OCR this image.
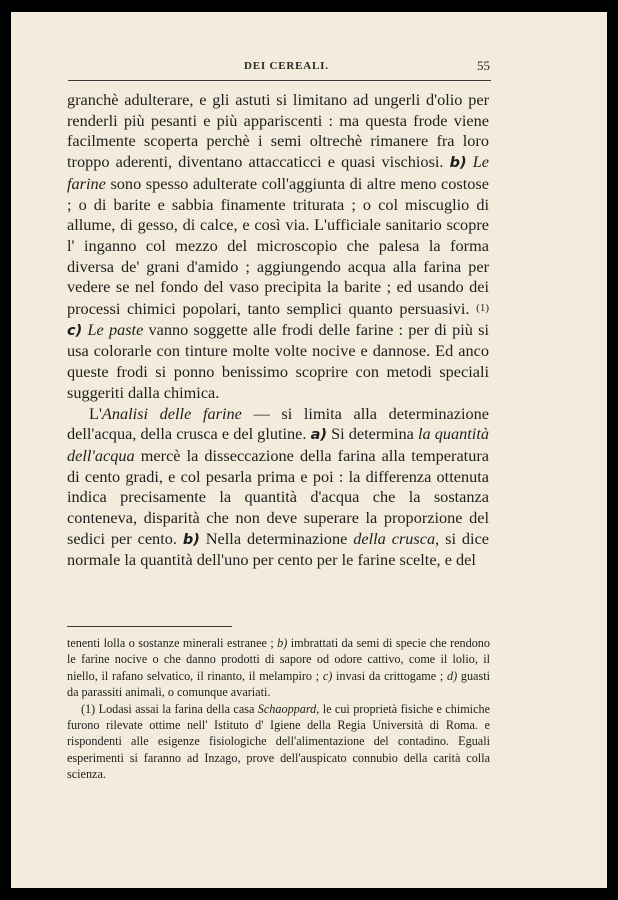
DEI CEREALI.	55

granchè adulterare, e gli astuti si limitano ad ungerli d'olio per renderli più pesanti e più appariscenti : ma questa frode viene facilmente scoperta perchè i semi oltrechè rimanere fra loro troppo aderenti, diventano attaccaticci e quasi vischiosi. b) Le farine sono spesso adulterate coll'aggiunta di altre meno costose ; o di barite e sabbia finamente triturata ; o col miscuglio di allume, di gesso, di calce, e così via. L'ufficiale sanitario scopre l' inganno col mezzo del microscopio che palesa la forma diversa de' grani d'amido ; aggiungendo acqua alla farina per vedere se nel fondo del vaso precipita la barite ; ed usando dei processi chimici popolari, tanto semplici quanto persuasivi. $^{(1)}$ c) Le paste vanno soggette alle frodi delle farine : per di più si usa colorarle con tinture molte volte nocive e dannose. Ed anco queste frodi si ponno benissimo scoprire con metodi speciali suggeriti dalla chimica.

L'Analisi delle farine — si limita alla determinazione dell'acqua, della crusca e del glutine. a) Si determina la quantità dell'acqua mercè la disseccazione della farina alla temperatura di cento gradi, e col pesarla prima e poi : la differenza ottenuta indica precisamente la quantità d'acqua che la sostanza conteneva, disparità che non deve superare la proporzione del sedici per cento. b) Nella determinazione della crusca, si dice normale la quantità dell'uno per cento per le farine scelte, e del

tenenti lolla o sostanze minerali estranee ; b) imbrattati da semi di specie che rendono le farine nocive o che danno prodotti di sapore od odore cattivo, come il lolio, il niello, il rafano selvatico, il rinanto, il melampiro ; c) invasi da crittogame ; d) guasti da parassiti animali, o comunque avariati.

(1) Lodasi assai la farina della casa Schaoppard, le cui proprietà fisiche e chimiche furono rilevate ottime nell' Istituto d' Igiene della Regia Università di Roma. e rispondenti alle esigenze fisiologiche dell'alimentazione del contadino. Eguali esperimenti si faranno ad Inzago, prove dell'auspicato connubio della carità colla scienza.
